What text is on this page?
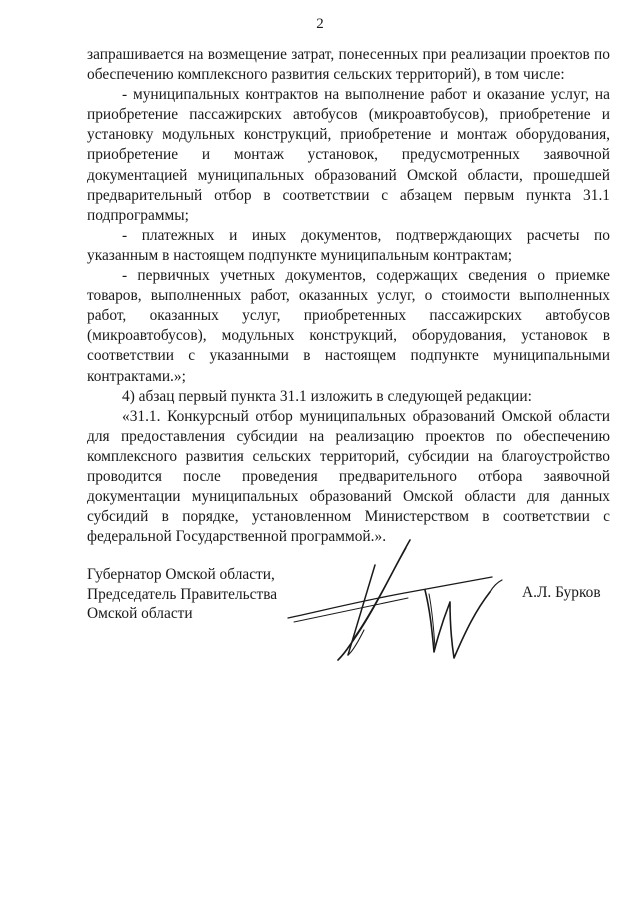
2

запрашивается на возмещение затрат, понесенных при реализации проектов по обеспечению комплексного развития сельских территорий), в том числе:

- муниципальных контрактов на выполнение работ и оказание услуг, на приобретение пассажирских автобусов (микроавтобусов), приобретение и установку модульных конструкций, приобретение и монтаж оборудования, приобретение и монтаж установок, предусмотренных заявочной документацией муниципальных образований Омской области, прошедшей предварительный отбор в соответствии с абзацем первым пункта 31.1 подпрограммы;

- платежных и иных документов, подтверждающих расчеты по указанным в настоящем подпункте муниципальным контрактам;

- первичных учетных документов, содержащих сведения о приемке товаров, выполненных работ, оказанных услуг, о стоимости выполненных работ, оказанных услуг, приобретенных пассажирских автобусов (микроавтобусов), модульных конструкций, оборудования, установок в соответствии с указанными в настоящем подпункте муниципальными контрактами.»;

4) абзац первый пункта 31.1 изложить в следующей редакции:

«31.1. Конкурсный отбор муниципальных образований Омской области для предоставления субсидии на реализацию проектов по обеспечению комплексного развития сельских территорий, субсидии на благоустройство проводится после проведения предварительного отбора заявочной документации муниципальных образований Омской области для данных субсидий в порядке, установленном Министерством в соответствии с федеральной Государственной программой.».

Губернатор Омской области,
Председатель Правительства
Омской области
А.Л. Бурков
